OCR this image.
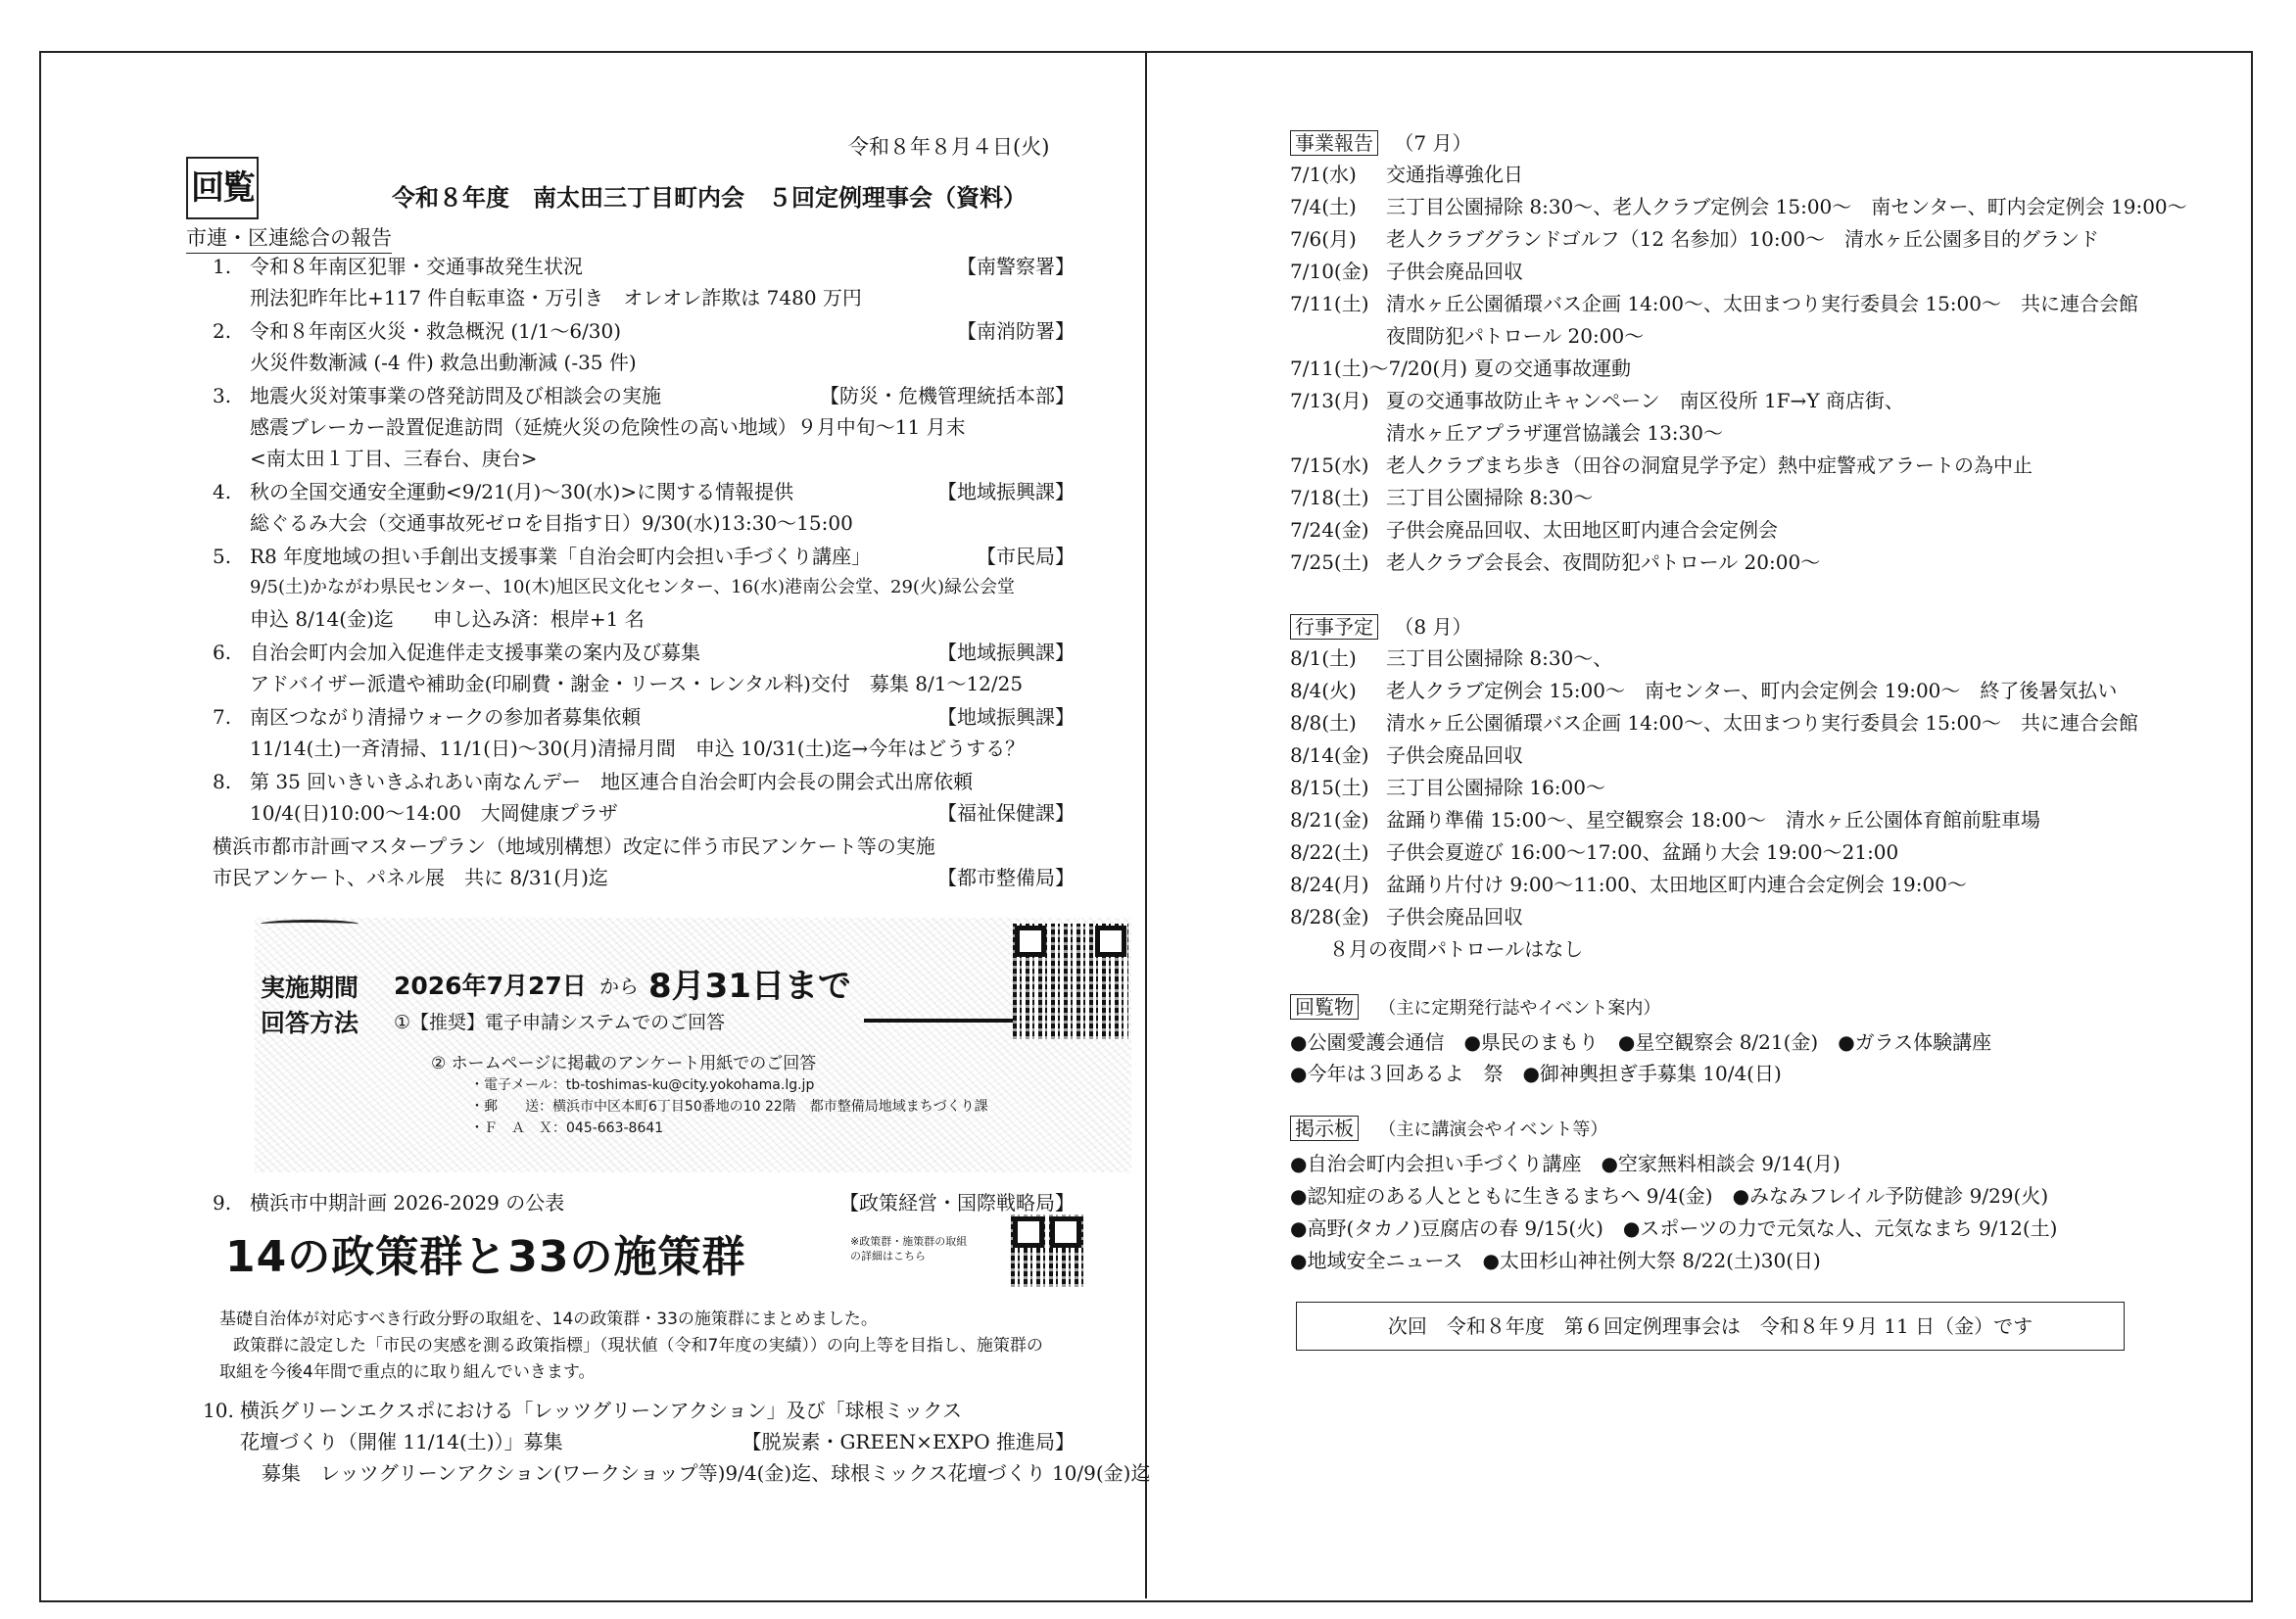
令和８年８月４日(火)
回覧	令和８年度　南太田三丁目町内会　５回定例理事会（資料）
市連・区連総合の報告
1. 令和８年南区犯罪・交通事故発生状況	【南警察署】
刑法犯昨年比+117 件自転車盗・万引き　オレオレ詐欺は 7480 万円
2. 令和８年南区火災・救急概況 (1/1～6/30)	【南消防署】
火災件数漸減 (-4 件) 救急出動漸減 (-35 件)
3. 地震火災対策事業の啓発訪問及び相談会の実施	【防災・危機管理統括本部】
感震ブレーカー設置促進訪問（延焼火災の危険性の高い地域）９月中旬～11 月末
<南太田１丁目、三春台、庚台>
4. 秋の全国交通安全運動<9/21(月)～30(水)>に関する情報提供	【地域振興課】
総ぐるみ大会（交通事故死ゼロを目指す日）9/30(水)13:30～15:00
5. R8 年度地域の担い手創出支援事業「自治会町内会担い手づくり講座」	【市民局】
9/5(土)かながわ県民センター、10(木)旭区民文化センター、16(水)港南公会堂、29(火)緑公会堂
申込 8/14(金)迄　　申し込み済：根岸+1 名
6. 自治会町内会加入促進伴走支援事業の案内及び募集	【地域振興課】
アドバイザー派遣や補助金(印刷費・謝金・リース・レンタル料)交付　募集 8/1～12/25
7. 南区つながり清掃ウォークの参加者募集依頼	【地域振興課】
11/14(土)一斉清掃、11/1(日)～30(月)清掃月間　申込 10/31(土)迄→今年はどうする？
8. 第 35 回いきいきふれあい南なんデー　地区連合自治会町内会長の開会式出席依頼
10/4(日)10:00～14:00　大岡健康プラザ	【福祉保健課】
横浜市都市計画マスタープラン（地域別構想）改定に伴う市民アンケート等の実施
市民アンケート、パネル展　共に 8/31(月)迄	【都市整備局】
実施期間 2026年7月27日 から 8月31日まで
回答方法 ①【推奨】電子申請システムでのご回答
② ホームページに掲載のアンケート用紙でのご回答
・電子メール：tb-toshimas-ku@city.yokohama.lg.jp
・郵　　送：横浜市中区本町6丁目50番地の10 22階　都市整備局地域まちづくり課
・Ｆ　Ａ　Ｘ：045-663-8641
9. 横浜市中期計画 2026-2029 の公表	【政策経営・国際戦略局】
14の政策群と33の施策群	※政策群・施策群の取組の詳細はこちら
基礎自治体が対応すべき行政分野の取組を、14の政策群・33の施策群にまとめました。
政策群に設定した「市民の実感を測る政策指標」（現状値（令和7年度の実績））の向上等を目指し、施策群の
取組を今後4年間で重点的に取り組んでいきます。
10. 横浜グリーンエクスポにおける「レッツグリーンアクション」及び「球根ミックス
花壇づくり（開催 11/14(土)）」募集	【脱炭素・GREEN×EXPO 推進局】
募集　レッツグリーンアクション(ワークショップ等)9/4(金)迄、球根ミックス花壇づくり 10/9(金)迄
事業報告 （7 月）
7/1(水) 交通指導強化日
7/4(土) 三丁目公園掃除 8:30～、老人クラブ定例会 15:00～　南センター、町内会定例会 19:00～
7/6(月) 老人クラブグランドゴルフ（12 名参加）10:00～　清水ヶ丘公園多目的グランド
7/10(金) 子供会廃品回収
7/11(土) 清水ヶ丘公園循環バス企画 14:00～、太田まつり実行委員会 15:00～　共に連合会館
夜間防犯パトロール 20:00～
7/11(土)～7/20(月) 夏の交通事故運動
7/13(月) 夏の交通事故防止キャンペーン　南区役所 1F→Y 商店街、
清水ヶ丘アプラザ運営協議会 13:30～
7/15(水) 老人クラブまち歩き（田谷の洞窟見学予定）熱中症警戒アラートの為中止
7/18(土) 三丁目公園掃除 8:30～
7/24(金) 子供会廃品回収、太田地区町内連合会定例会
7/25(土) 老人クラブ会長会、夜間防犯パトロール 20:00～
行事予定 （8 月）
8/1(土) 三丁目公園掃除 8:30～、
8/4(火) 老人クラブ定例会 15:00～　南センター、町内会定例会 19:00～　終了後暑気払い
8/8(土) 清水ヶ丘公園循環バス企画 14:00～、太田まつり実行委員会 15:00～　共に連合会館
8/14(金) 子供会廃品回収
8/15(土) 三丁目公園掃除 16:00～
8/21(金) 盆踊り準備 15:00～、星空観察会 18:00～　清水ヶ丘公園体育館前駐車場
8/22(土) 子供会夏遊び 16:00～17:00、盆踊り大会 19:00～21:00
8/24(月) 盆踊り片付け 9:00～11:00、太田地区町内連合会定例会 19:00～
8/28(金) 子供会廃品回収
８月の夜間パトロールはなし
回覧物 （主に定期発行誌やイベント案内）
●公園愛護会通信　●県民のまもり　●星空観察会 8/21(金)　●ガラス体験講座
●今年は３回あるよ　祭　●御神輿担ぎ手募集 10/4(日)
掲示板 （主に講演会やイベント等）
●自治会町内会担い手づくり講座　●空家無料相談会 9/14(月)
●認知症のある人とともに生きるまちへ 9/4(金)　●みなみフレイル予防健診 9/29(火)
●高野(タカノ)豆腐店の春 9/15(火)　●スポーツの力で元気な人、元気なまち 9/12(土)
●地域安全ニュース　●太田杉山神社例大祭 8/22(土)30(日)
次回　令和８年度　第６回定例理事会は　令和８年９月 11 日（金）です
